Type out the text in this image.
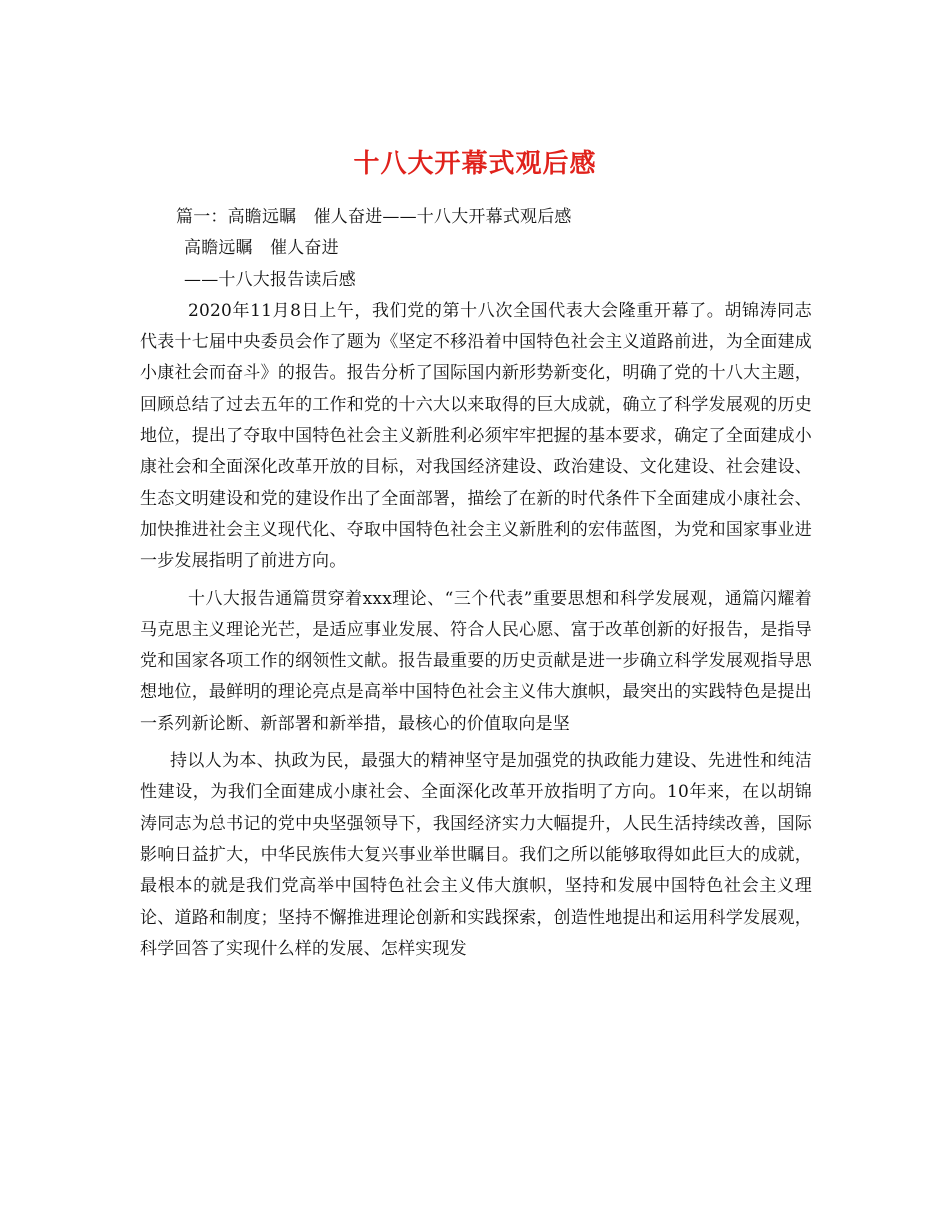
十八大开幕式观后感

篇一：高瞻远瞩　催人奋进——十八大开幕式观后感

高瞻远瞩　催人奋进

——十八大报告读后感

2020年11月8日上午，我们党的第十八次全国代表大会隆重开幕了。胡锦涛同志代表十七届中央委员会作了题为《坚定不移沿着中国特色社会主义道路前进，为全面建成小康社会而奋斗》的报告。报告分析了国际国内新形势新变化，明确了党的十八大主题，回顾总结了过去五年的工作和党的十六大以来取得的巨大成就，确立了科学发展观的历史地位，提出了夺取中国特色社会主义新胜利必须牢牢把握的基本要求，确定了全面建成小康社会和全面深化改革开放的目标，对我国经济建设、政治建设、文化建设、社会建设、生态文明建设和党的建设作出了全面部署，描绘了在新的时代条件下全面建成小康社会、加快推进社会主义现代化、夺取中国特色社会主义新胜利的宏伟蓝图，为党和国家事业进一步发展指明了前进方向。

十八大报告通篇贯穿着xxx理论、“三个代表”重要思想和科学发展观，通篇闪耀着马克思主义理论光芒，是适应事业发展、符合人民心愿、富于改革创新的好报告，是指导党和国家各项工作的纲领性文献。报告最重要的历史贡献是进一步确立科学发展观指导思想地位，最鲜明的理论亮点是高举中国特色社会主义伟大旗帜，最突出的实践特色是提出一系列新论断、新部署和新举措，最核心的价值取向是坚

持以人为本、执政为民，最强大的精神坚守是加强党的执政能力建设、先进性和纯洁性建设，为我们全面建成小康社会、全面深化改革开放指明了方向。10年来，在以胡锦涛同志为总书记的党中央坚强领导下，我国经济实力大幅提升，人民生活持续改善，国际影响日益扩大，中华民族伟大复兴事业举世瞩目。我们之所以能够取得如此巨大的成就，最根本的就是我们党高举中国特色社会主义伟大旗帜，坚持和发展中国特色社会主义理论、道路和制度；坚持不懈推进理论创新和实践探索，创造性地提出和运用科学发展观，科学回答了实现什么样的发展、怎样实现发
